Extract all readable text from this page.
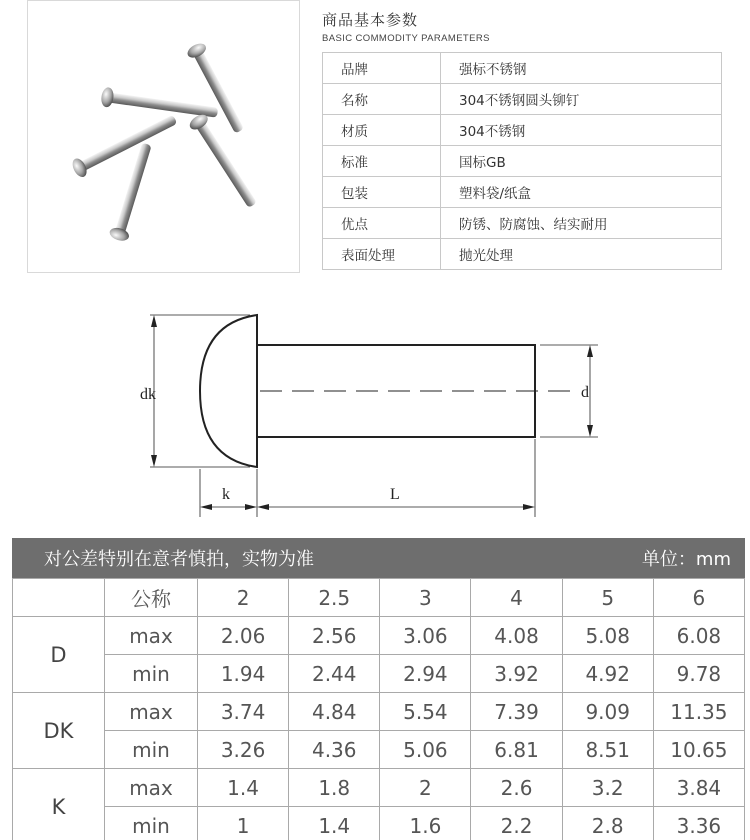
商品基本参数
BASIC COMMODITY PARAMETERS
品牌	强标不锈钢
名称	304不锈钢圆头铆钉
材质	304不锈钢
标准	国标GB
包装	塑料袋/纸盒
优点	防锈、防腐蚀、结实耐用
表面处理	抛光处理
dk	d
k	L
对公差特别在意者慎拍，实物为准	单位：mm
	公称	2	2.5	3	4	5	6
D	max	2.06	2.56	3.06	4.08	5.08	6.08
	min	1.94	2.44	2.94	3.92	4.92	9.78
DK	max	3.74	4.84	5.54	7.39	9.09	11.35
	min	3.26	4.36	5.06	6.81	8.51	10.65
K	max	1.4	1.8	2	2.6	3.2	3.84
	min	1	1.4	1.6	2.2	2.8	3.36
